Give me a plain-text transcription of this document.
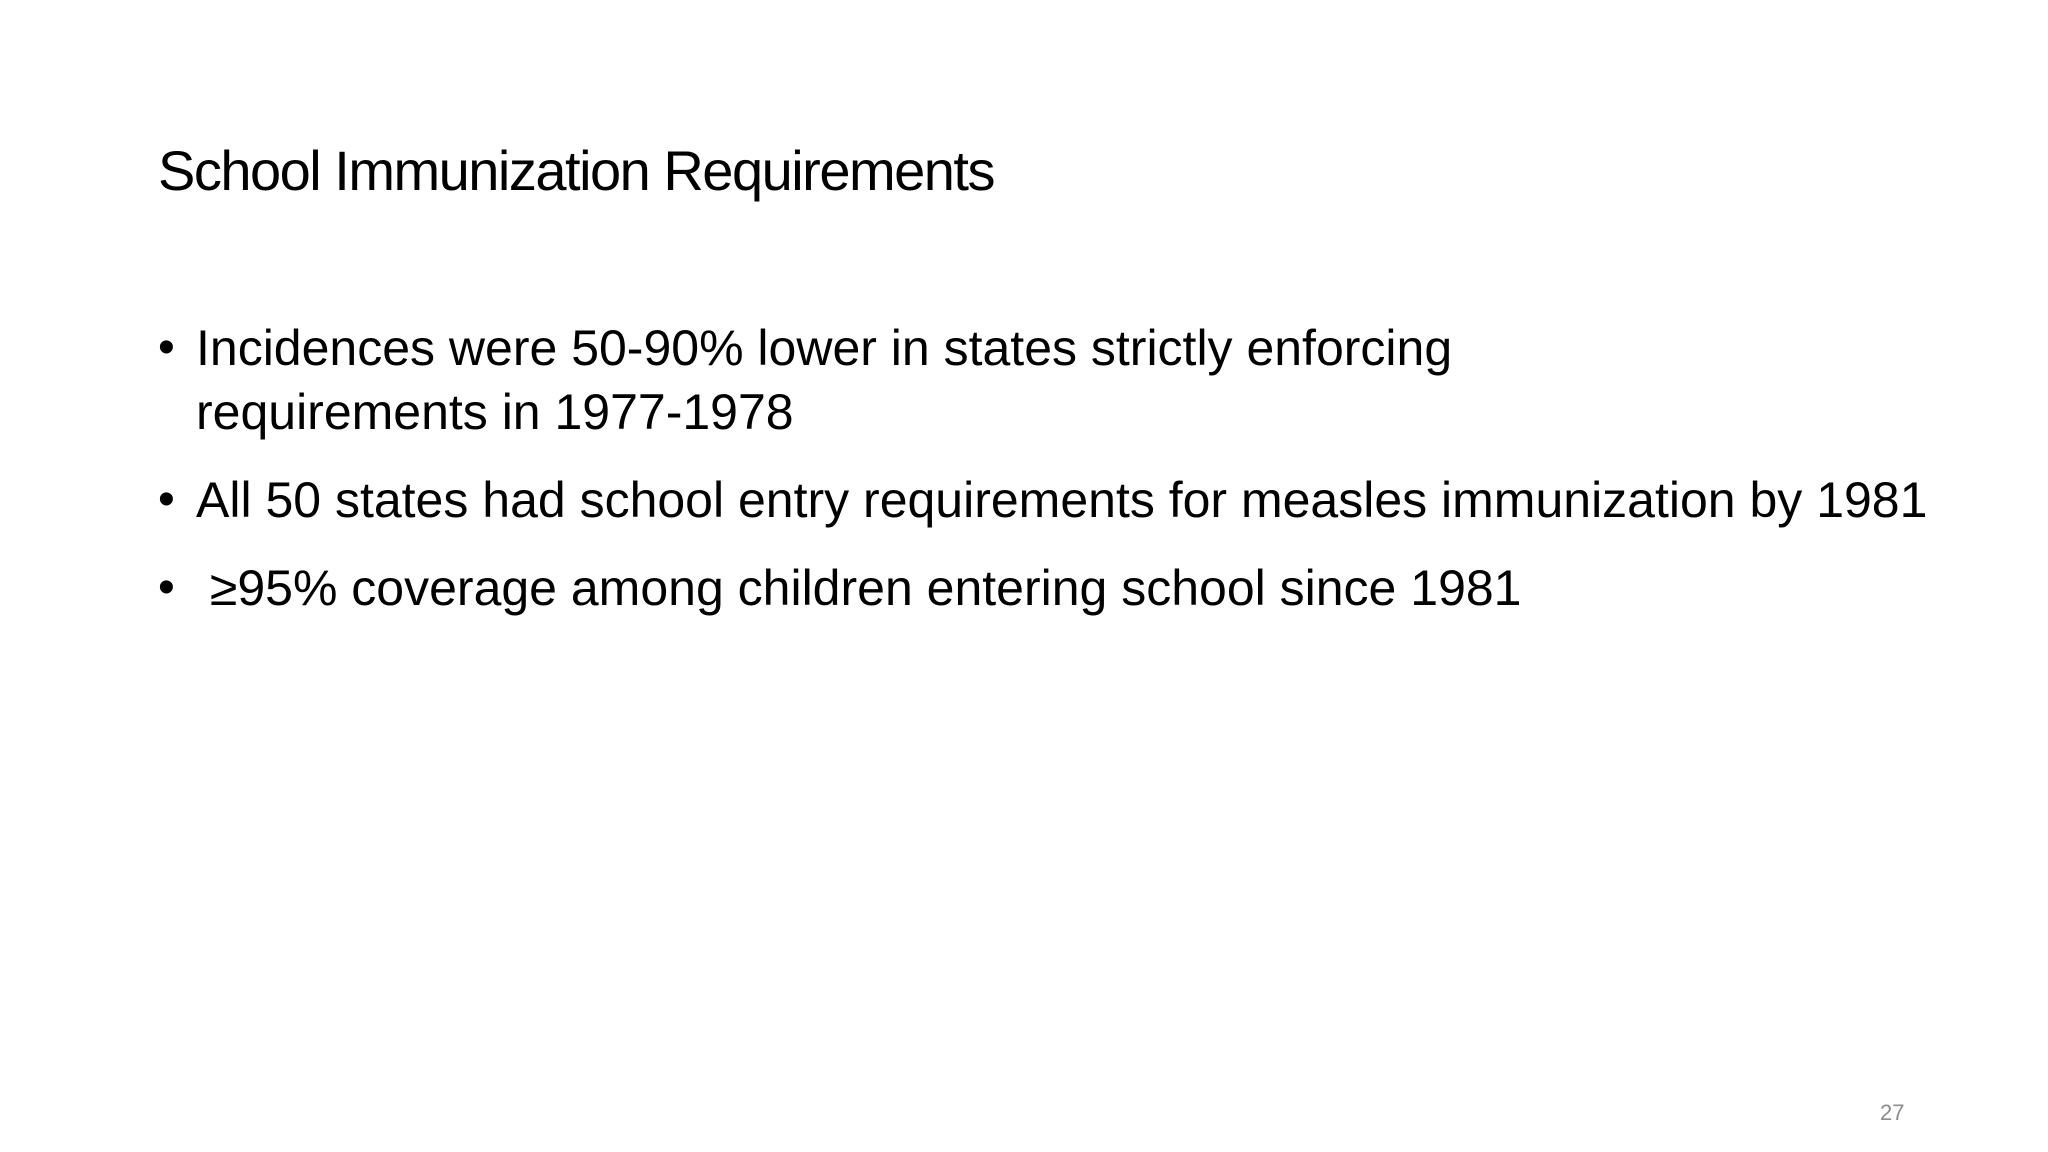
School Immunization Requirements
• Incidences were 50-90% lower in states strictly enforcing requirements in 1977-1978
• All 50 states had school entry requirements for measles immunization by 1981
• ≥95% coverage among children entering school since 1981
27
